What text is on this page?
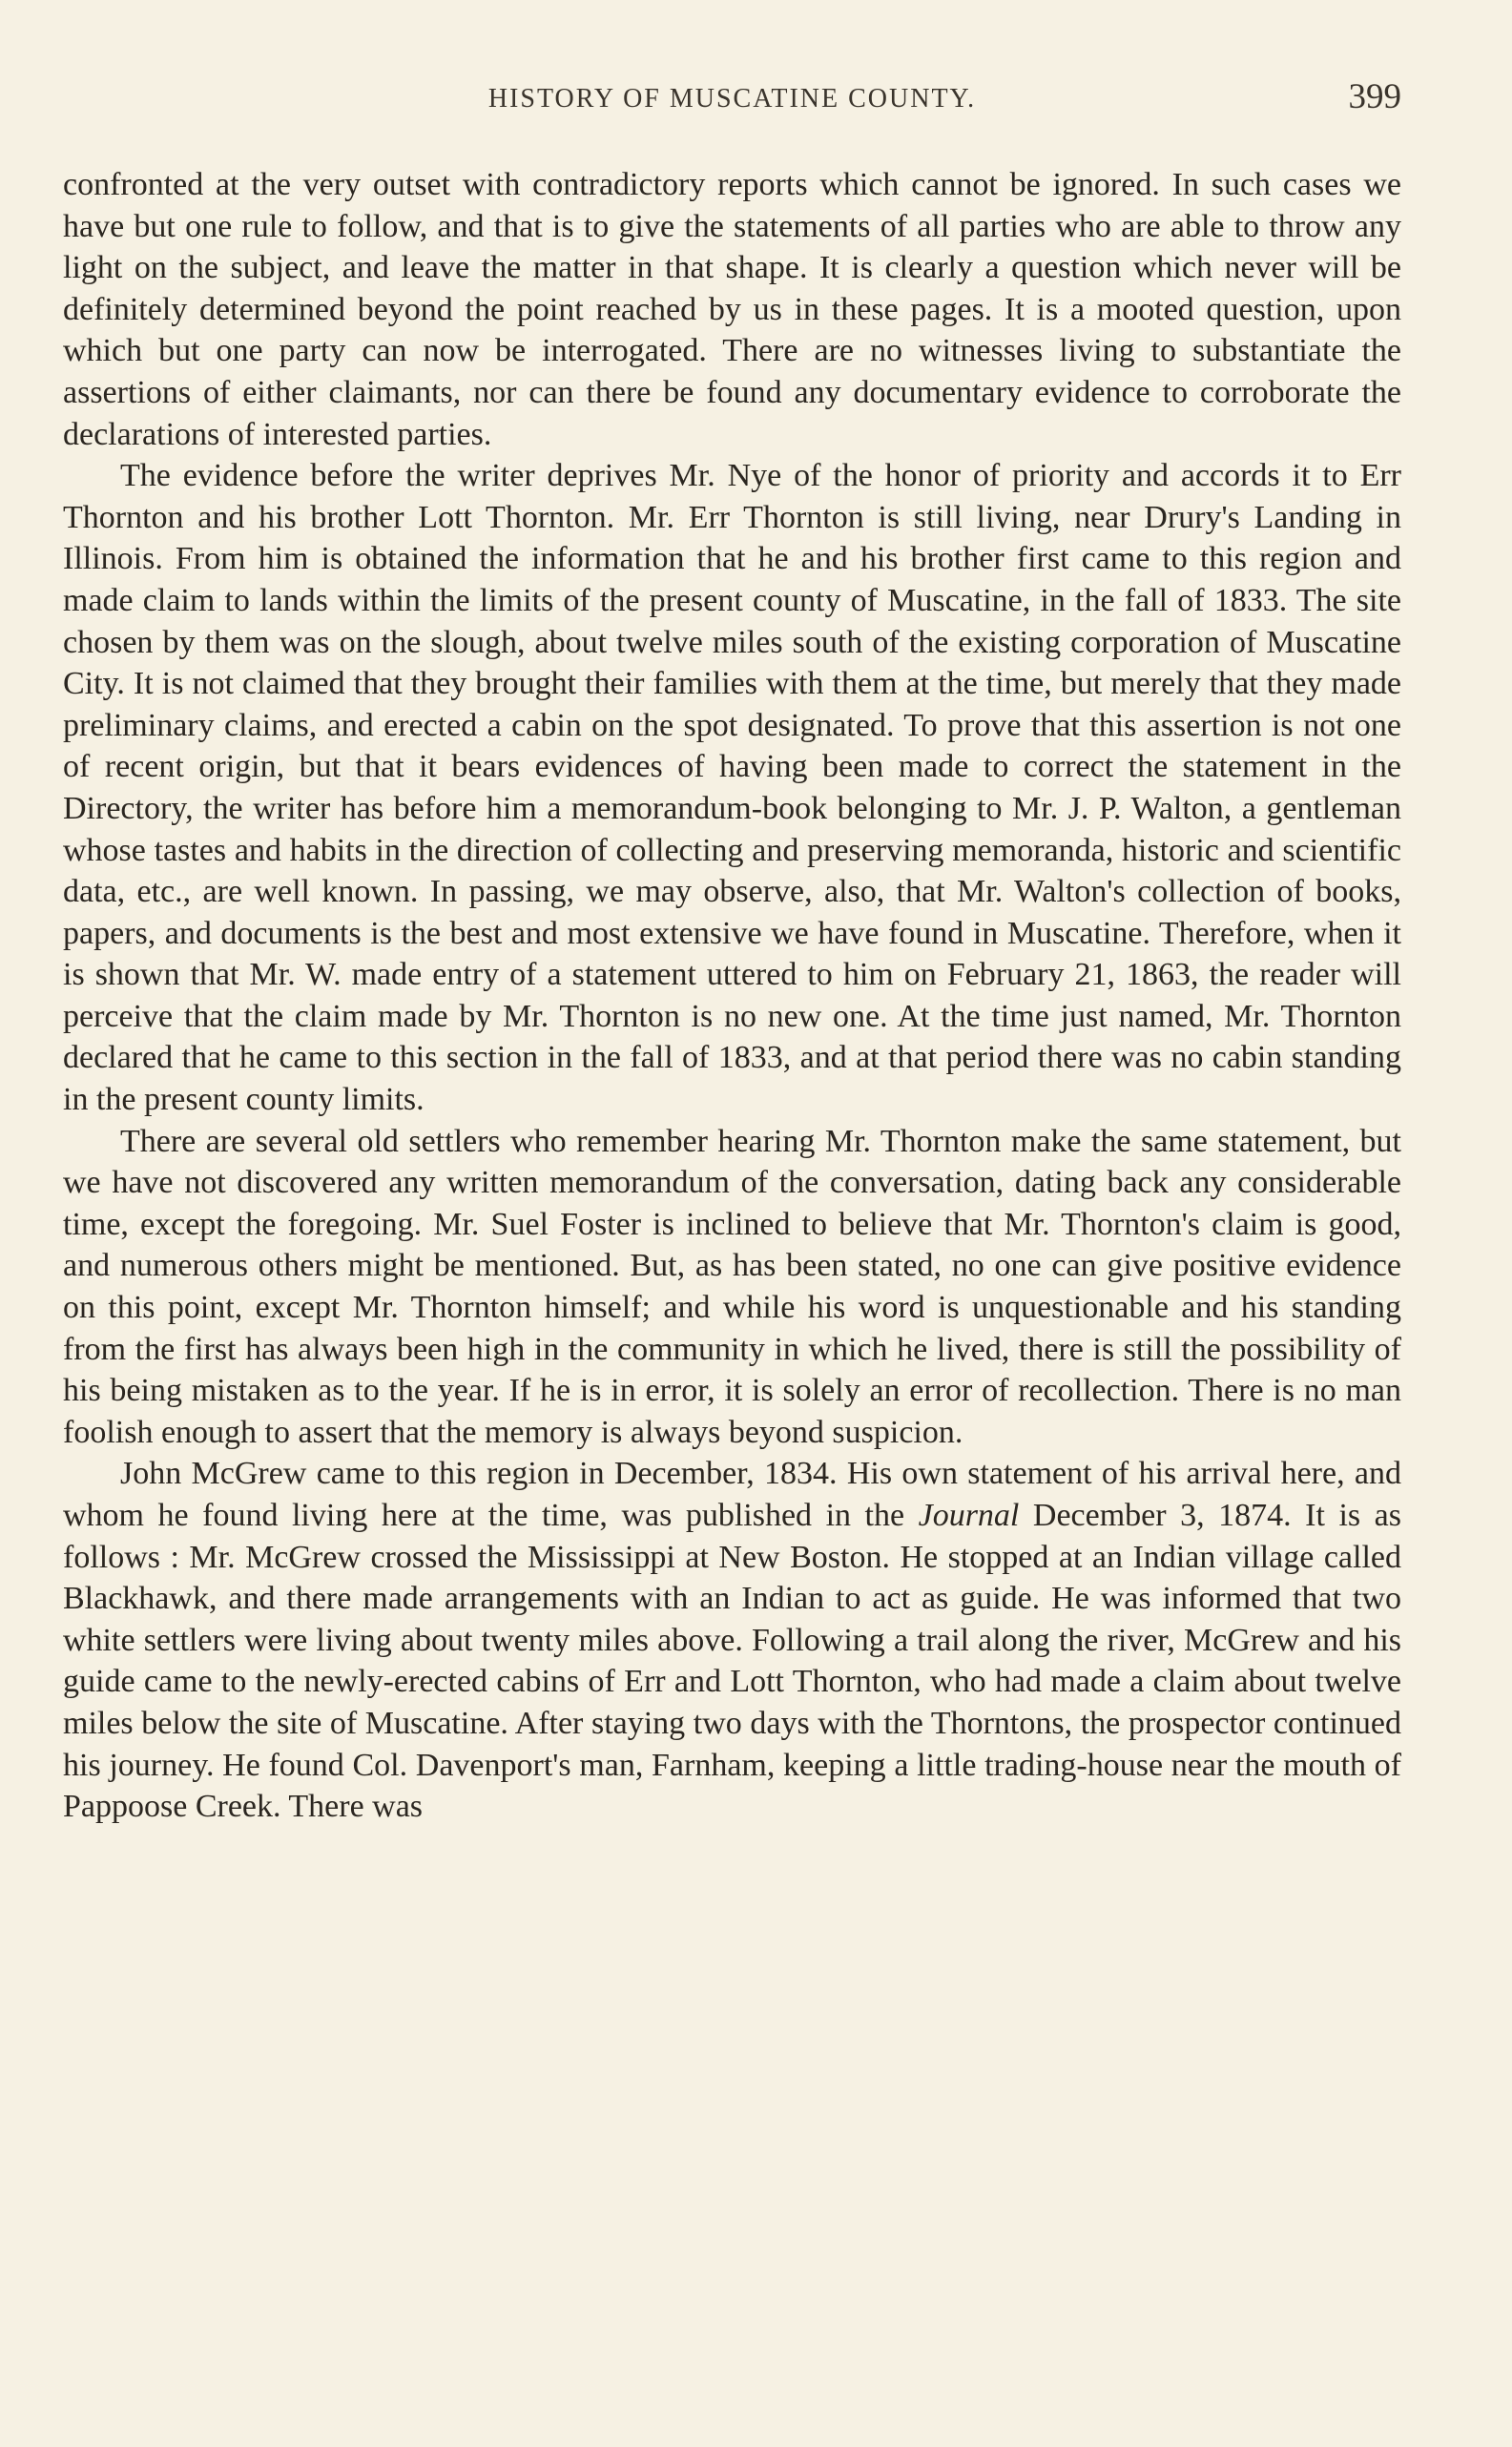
HISTORY OF MUSCATINE COUNTY.	399

confronted at the very outset with contradictory reports which cannot be ignored. In such cases we have but one rule to follow, and that is to give the statements of all parties who are able to throw any light on the subject, and leave the matter in that shape. It is clearly a question which never will be definitely determined beyond the point reached by us in these pages. It is a mooted question, upon which but one party can now be interrogated. There are no witnesses living to substantiate the assertions of either claimants, nor can there be found any documentary evidence to corroborate the declarations of interested parties.

The evidence before the writer deprives Mr. Nye of the honor of priority and accords it to Err Thornton and his brother Lott Thornton. Mr. Err Thornton is still living, near Drury's Landing in Illinois. From him is obtained the information that he and his brother first came to this region and made claim to lands within the limits of the present county of Muscatine, in the fall of 1833. The site chosen by them was on the slough, about twelve miles south of the existing corporation of Muscatine City. It is not claimed that they brought their families with them at the time, but merely that they made preliminary claims, and erected a cabin on the spot designated. To prove that this assertion is not one of recent origin, but that it bears evidences of having been made to correct the statement in the Directory, the writer has before him a memorandum-book belonging to Mr. J. P. Walton, a gentleman whose tastes and habits in the direction of collecting and preserving memoranda, historic and scientific data, etc., are well known. In passing, we may observe, also, that Mr. Walton's collection of books, papers, and documents is the best and most extensive we have found in Muscatine. Therefore, when it is shown that Mr. W. made entry of a statement uttered to him on February 21, 1863, the reader will perceive that the claim made by Mr. Thornton is no new one. At the time just named, Mr. Thornton declared that he came to this section in the fall of 1833, and at that period there was no cabin standing in the present county limits.

There are several old settlers who remember hearing Mr. Thornton make the same statement, but we have not discovered any written memorandum of the conversation, dating back any considerable time, except the foregoing. Mr. Suel Foster is inclined to believe that Mr. Thornton's claim is good, and numerous others might be mentioned. But, as has been stated, no one can give positive evidence on this point, except Mr. Thornton himself; and while his word is unquestionable and his standing from the first has always been high in the community in which he lived, there is still the possibility of his being mistaken as to the year. If he is in error, it is solely an error of recollection. There is no man foolish enough to assert that the memory is always beyond suspicion.

John McGrew came to this region in December, 1834. His own statement of his arrival here, and whom he found living here at the time, was published in the Journal December 3, 1874. It is as follows : Mr. McGrew crossed the Mississippi at New Boston. He stopped at an Indian village called Blackhawk, and there made arrangements with an Indian to act as guide. He was informed that two white settlers were living about twenty miles above. Following a trail along the river, McGrew and his guide came to the newly-erected cabins of Err and Lott Thornton, who had made a claim about twelve miles below the site of Muscatine. After staying two days with the Thorntons, the prospector continued his journey. He found Col. Davenport's man, Farnham, keeping a little trading-house near the mouth of Pappoose Creek. There was
